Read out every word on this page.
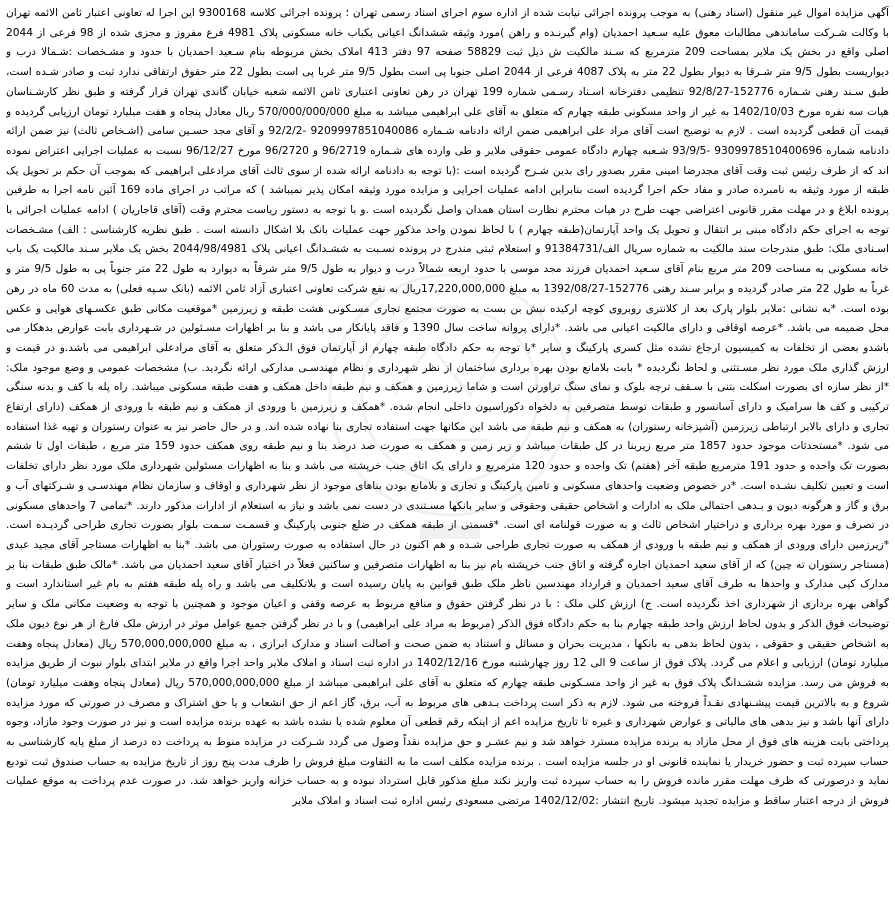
آگهی مزایده اموال غیر منقول (اسناد رهنی) به موجب پرونده اجرائی نیابت شده از اداره سوم اجرای اسناد رسمی تهران ؛ پرونده اجرائی کلاسه 9300168 این اجرا له تعاونی اعتبار ثامن الائمه تهران با وکالت شـرکت ساماندهی مطالبات معوق علیه سـعید احمدیان (وام گیرنـده و راهن )مورد وثیقه ششدانگ اعیانی یکباب خانه مسکونی پلاک 4981 فرع مفروز و مجزی شده از 98 فرعی از 2044 اصلی واقع در بخش یک ملایر بمساحت 209 مترمربع که سـند مالکیت ش ذیل ثبت 58829 صفحه 97 دفتر 413 املاک بخش مربوطه بنام سـعید احمدیان با حدود و مشـخصات :شـمالا درب و دیواریست بطول 9/5 متر شـرقا به دیوار بطول 22 متر به پلاک 4087 فرعی از 2044 اصلی جنوبا پی است بطول 9/5 متر غربا پی است بطول 22 متر حقوق ارتفاقی ندارد ثبت و صادر شـده است، طبق سـند رهنی شـماره 152776-92/8/27 تنظیمی دفترخانه اسـناد رسـمی شماره 199 تهران در رهن تعاونی اعتباری ثامن الائمه شعبه خیابان گاندی تهران قرار گرفته و طبق نظر کارشـناسان هیات سه نفره مورخ 1402/10/03 به غیر از واحد مسکونی طبقه چهارم که متعلق به آقای علی ابراهیمی میباشد به مبلغ 570/000/000/000 ریال معادل پنجاه و هفت میلیارد تومان ارزیابی گردیده و قیمت آن قطعی گردیده است . لازم به توضیح است آقای مراد علی ابراهیمی ضمن ارائه دادنامه شـماره 9209997851040086 -92/2/2 و آقای مجد حسـین سامی (اشـخاص ثالث) نیز ضمن ارائه دادنامه شماره 9309978510400696 -93/9/5 شـعبه چهارم دادگاه عمومی حقوقی ملایر و طی وارده های شـماره 96/2719 و 96/2720 مورخ 96/12/27 نسبت به عملیات اجرایی اعتراض نموده اند که از طرف رئیس ثبت وقت آقای مجدرضا امینی مقرر بصدور رای بدین شـرح گردیده است :(با توجه به دادنامه ارائه شده از سوی ثالث آقای مرادعلی ابراهیمی که بموجب آن حکم بر تحویل یک طبقه از مورد وثیقه به نامبرده صادر و مفاد حکم اجرا گردیده است بنابراین ادامه عملیات اجرایی و مزایده مورد وثیقه امکان پذیر نمیباشد ) که مراتب در اجرای ماده 169 آئین نامه اجرا به طرفین پرونده ابلاغ و در مهلت مقرر قانونی اعتراضی جهت طرح در هیات محترم نظارت استان همدان واصل نگردیده است .و با توجه به دستور ریاست محترم وقت (آقای قاجاریان ) ادامه عملیات اجرائی با توجه به اجرای حکم دادگاه مبنی بر انتقال و تحویل یک واحد آپارتمان(طبقه چهارم ) با لحاظ نمودن واحد مذکور جهت عملیات بانک بلا اشکال دانسته است . طبق نظریه کارشناسی : الف) مشـخصات اسـنادی ملک: طبق مندرجات سند مالکیت به شماره سریال الف/91384731 و استعلام ثبتی مندرج در پرونده نسـبت به ششـدانگ اعیانی پلاک 2044/98/4981 بخش یک ملایر سـند مالکیت یک باب خانه مسکونی به مساحت 209 متر مربع بنام آقای سـعید احمدیان فرزند مجد موسی با حدود اربعه شمالاً درب و دیوار به طول 9/5 متر شرقاً به دیوارد به طول 22 متر جنوباً پی به طول 9/5 متر و غرباً به طول 22 متر صادر گردیده و برابر سـند رهنی 152776-1392/08/27 به مبلغ 17,220,000,000ریال به نفع شرکت تعاونی اعتباری آزاد ثامن الائمه (بانک سـپه فعلی) به مدت 60 ماه در رهن بوده است. *به نشانی :ملایر بلوار پارک بعد از کلانتری روبروی کوچه ارکیده نبش بن بست به صورت مجتمع تجاری مسـکونی هشت طبقه و زیرزمین *موقعیت مکانی طبق عکسـهای هوایی و عکس محل ضمیمه می باشد. *عرصه اوقافی و دارای مالکیت اعیانی می باشد. *دارای پروانه ساخت سال 1390 و فاقد پایانکار می باشد و بنا بر اظهارات مسـئولین در شـهرداری بابت عوارض بدهکار می باشدو بعضی از تخلفات به کمیسیون ارجاع نشده مثل کسری پارکینگ و سایر *با توجه به حکم دادگاه طبقه چهارم از آپارتمان فوق الـذکر متعلق به آقای مرادعلی ابراهیمی می باشد.و در قیمت و ارزش گذاری ملک مورد نظر مسـتثنی و لحاظ نگردیده * بابت بلامانع بودن بهره برداری ساختمان از نظر شهرداری و نظام مهندسـی مدارکی ارائه نگردید. ب) مشخصات عمومی و وضع موجود ملک: *از نظر سازه ای بصورت اسکلت بتنی با سـقف ترچه بلوک و نمای سنگ تراورتن است و شاما زیرزمین و همکف و نیم طبقه داخل همکف و هفت طبقه مسکونی میباشد. راه پله با کف و بدنه سنگی ترکیبی و کف ها سرامیک و دارای آسانسور و طبقات توسط متصرفین به دلخواه دکوراسیون داخلی انجام شده. *همکف و زیرزمین با ورودی از همکف و نیم طبقه با ورودی از همکف (دارای ارتفاع تجاری و دارای بالابر ارتباطی زیرزمین (آشپزخانه رستوران) به همکف و نیم طبقه می باشد این مکانها جهت استفاده تجاری بنا نهاده شده اند. و در حال حاضر نیز به عنوان رستوران و تهیه غذا استفاده می شود. *مستحدثات موجود حدود 1857 متر مربع زیربنا در کل طبقات میباشد و زیر زمین و همکف به صورت صد درصد بنا و نیم طبقه روی همکف حدود 159 متر مربع ، طبقات اول تا ششم بصورت تک واحده و حدود 191 مترمربع طبقه آخر (هفتم) تک واحده و حدود 120 مترمربع و دارای یک اتاق جنب خرپشته می باشد و بنا به اظهارات مسئولین شهرداری ملک مورد نظر دارای تخلفات است و تعیین تکلیف نشـده است. *در خصوص وضعیت واحدهای مسکونی و تامین پارکینگ و تجاری و بلامانع بودن بناهای موجود از نظر شهرداری و اوقاف و سازمان نظام مهندسـی و شـرکتهای آب و برق و گاز و هرگونه دیون و بـدهی احتمالی ملک به ادارات و اشخاص حقیقی وحقوقی و سایر بانکها مسـتندی در دست نمی باشد و نیاز به استعلام از ادارات مذکور دارند. *تمامی 7 واحدهای مسکونی در تصرف و مورد بهره برداری و دراختیار اشخاص ثالث و به صورت قولنامه ای است. *قسمتی از طبقه همکف در ضلع جنوبی پارکینگ و قسمـت سـمت بلوار بصورت تجاری طراحی گردیـده است. *زیرزمین دارای ورودی از همکف و نیم طبقه با ورودی از همکف به صورت تجاری طراحی شـده و هم اکنون در حال استفاده به صورت رستوران می باشد. *بنا به اظهارات مستاجر آقای مجید عبدی (مستاجر رستوران ته چین) که از آقای سعید احمدیان اجاره گرفته و اتاق جنب خرپشته بام نیز بنا به اظهارات متصرفین و ساکنین فعلاً در اختیار آقای سعید احمدیان می باشد. *مالک طبق طبقات بنا بر مدارک کپی مدارک و واحدها به طرف آقای سعید احمدیان و قرارداد مهندسین ناظر ملک طبق قوانین به پایان رسیده است و بلاتکلیف می باشد و راه پله طبقه هفتم به بام غیر استاندارد است و گواهی بهره برداری از شهرداری اخذ نگردیده است. ج) ارزش کلی ملک : با در نظر گرفتن حقوق و منافع مربوط به عرصه وقفی و اعیان موجود و همچنین با توجه به وضعیت مکانی ملک و سایر توضیحات فوق الذکر و بدون لحاظ ارزش واحد طبقه چهارم بنا به حکم دادگاه فوق الذکر (مربوط به مراد علی ابراهیمی) و با در نظر گرفتن جمیع عوامل موثر در ارزش ملک فارغ از هر نوع دیون ملک به اشخاص حقیقی و حقوقی ، بدون لحاظ بدهی به بانکها ، مدیریت بحران و مسائل و استناد به ضمن صحت و اصالت اسناد و مدارک ابرازی ، به مبلغ 570,000,000,000 ریال (معادل پنجاه وهفت میلیارد تومان) ارزیابی و اعلام می گردد. پلاک فوق از ساعت 9 الی 12 روز چهارشنبه مورخ 1402/12/16 در اداره ثبت اسناد و املاک ملایر واحد اجرا واقع در ملایر ابتدای بلوار نبوت از طریق مزایده به فروش می رسد. مزایده ششـدانگ پلاک فوق به غیر از واحد مسـکونی طبقه چهارم که متعلق به آقای علی ابراهیمی میباشد از مبلغ 570,000,000,000 ریال (معادل پنجاه وهفت میلیارد تومان) شروع و به بالاترین قیمت پیشـنهادی نقـداً فروخته می شود. لازم به ذکر است پرداخت بـدهی های مربوط به آب، برق، گاز اعم از حق انشعاب و یا حق اشتراک و مصرف در صورتی که مورد مزایده دارای آنها باشد و نیز بدهی های مالیاتی و عوارض شهرداری و غیره تا تاریخ مزایده اعم از اینکه رقم قطعی آن معلوم شده یا نشده باشد به عهده برنده مزایده است و نیز در صورت وجود مازاد، وجوه پرداختی بابت هزینه های فوق از محل مازاد به برنده مزایده مسترد خواهد شد و نیم عشـر و حق مزایده نقداً وصول می گردد شـرکت در مزایده منوط به پرداخت ده درصد از مبلغ پایه کارشناسی به حساب سپرده ثبت و حضور خریدار یا نماینده قانونی او در جلسه مزایده است . برنده مزایده مکلف است ما به التفاوت مبلغ فروش را ظرف مدت پنج روز از تاریخ مزایده به حساب صندوق ثبت تودیع نماید و درصورتی که ظرف مهلت مقرر مانده فروش را به حساب سپرده ثبت واریز نکند مبلغ مذکور قابل استرداد نبوده و به حساب خزانه واریز خواهد شد. در صورت عدم پرداخت به موقع عملیات فروش از درجه اعتبار ساقط و مزایده تجدید میشود. تاریخ انتشار :1402/12/02 مرتضی مسعودی رئیس اداره ثبت اسناد و املاک ملایر
